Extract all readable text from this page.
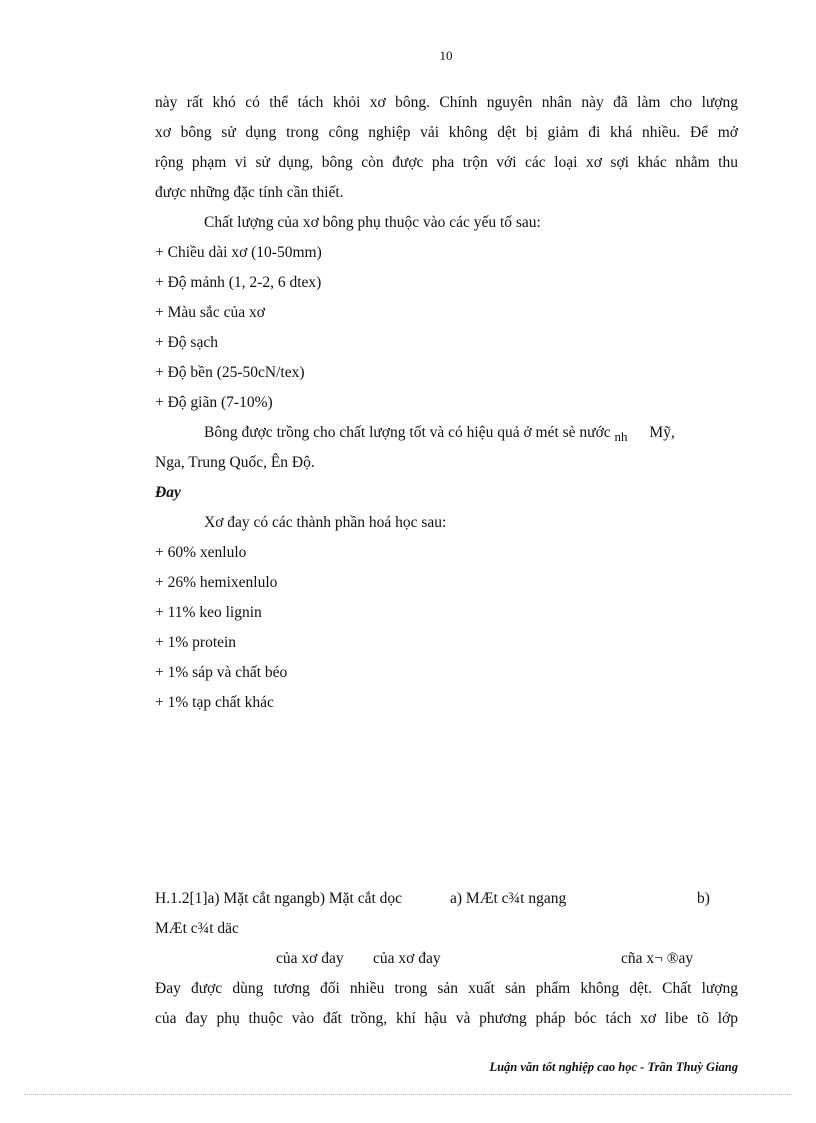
10
này rất khó có thể tách khỏi xơ bông. Chính nguyên nhân này đã làm cho lượng
xơ bông sử dụng trong công nghiệp vải không dệt bị giảm đi khá nhiều. Để mở
rộng phạm vi sử dụng, bông còn được pha trộn với các loại xơ sợi khác nhằm thu
được những đặc tính cần thiết.
Chất lượng của xơ bông phụ thuộc vào các yếu tố sau:
+ Chiều dài xơ (10-50mm)
+ Độ mảnh (1, 2-2, 6 dtex)
+ Màu sắc của xơ
+ Độ sạch
+ Độ bền (25-50cN/tex)
+ Độ giãn (7-10%)
Bông được trồng cho chất lượng tốt và có hiệu quả ở mét sè nước $_{nh}$ Mỹ,
Nga, Trung Quốc, Ên Độ.
Đay
Xơ đay có các thành phần hoá học sau:
+ 60% xenlulo
+ 26% hemixenlulo
+ 11% keo lignin
+ 1% protein
+ 1% sáp và chất béo
+ 1% tạp chất khác
H.1.2[1]a) Mặt cắt ngangb) Mặt cắt dọc	a) MÆt c¾t ngang	b)
MÆt c¾t däc
của xơ đay của xơ đay	cña x¬ ®ay
Đay được dùng tương đối nhiều trong sản xuất sản phẩm không dệt. Chất lượng
của đay phụ thuộc vào đất trồng, khí hậu và phương pháp bóc tách xơ libe tõ lớp
Luận văn tốt nghiệp cao học - Trần Thuỳ Giang
